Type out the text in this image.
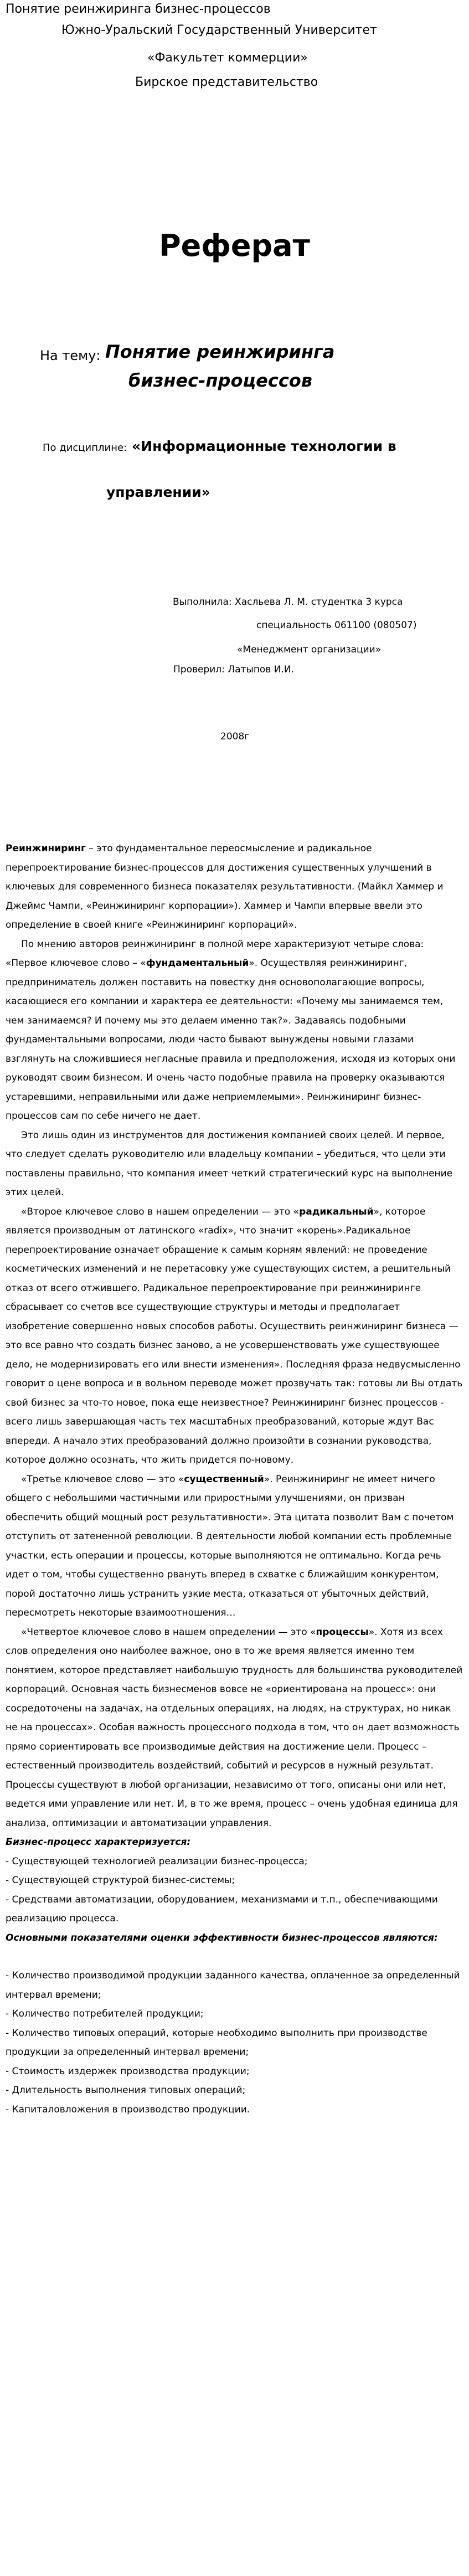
Понятие реинжиринга бизнес-процессов
Южно-Уральский Государственный Университет
«Факультет коммерции»
Бирское представительство
Реферат
На тему: Понятие реинжиринга
бизнес-процессов
По дисциплине: «Информационные технологии в
управлении»
Выполнила: Хасльева Л. М. студентка 3 курса
специальность 061100 (080507)
«Менеджмент организации»
Проверил: Латыпов И.И.
2008г

Реинжиниринг – это фундаментальное переосмысление и радикальное перепроектирование бизнес-процессов для достижения существенных улучшений в ключевых для современного бизнеса показателях результативности. (Майкл Хаммер и Джеймс Чампи, «Реинжиниринг корпорации»). Хаммер и Чампи впервые ввели это определение в своей книге «Реинжиниринг корпораций».

По мнению авторов реинжиниринг в полной мере характеризуют четыре слова: «Первое ключевое слово – «фундаментальный». Осуществляя реинжиниринг, предприниматель должен поставить на повестку дня основополагающие вопросы, касающиеся его компании и характера ее деятельности: «Почему мы занимаемся тем, чем занимаемся? И почему мы это делаем именно так?». Задаваясь подобными фундаментальными вопросами, люди часто бывают вынуждены новыми глазами взглянуть на сложившиеся негласные правила и предположения, исходя из которых они руководят своим бизнесом. И очень часто подобные правила на проверку оказываются устаревшими, неправильными или даже неприемлемыми». Реинжиниринг бизнес-процессов сам по себе ничего не дает.

Это лишь один из инструментов для достижения компанией своих целей. И первое, что следует сделать руководителю или владельцу компании – убедиться, что цели эти поставлены правильно, что компания имеет четкий стратегический курс на выполнение этих целей.

«Второе ключевое слово в нашем определении — это «радикальный», которое является производным от латинского «radix», что значит «корень».Радикальное перепроектирование означает обращение к самым корням явлений: не проведение косметических изменений и не перетасовку уже существующих систем, а решительный отказ от всего отжившего. Радикальное перепроектирование при реинжиниринге сбрасывает со счетов все существующие структуры и методы и предполагает изобретение совершенно новых способов работы. Осуществить реинжиниринг бизнеса — это все равно что создать бизнес заново, а не усовершенствовать уже существующее дело, не модернизировать его или внести изменения». Последняя фраза недвусмысленно говорит о цене вопроса и в вольном переводе может прозвучать так: готовы ли Вы отдать свой бизнес за что-то новое, пока еще неизвестное? Реинжиниринг бизнес процессов - всего лишь завершающая часть тех масштабных преобразований, которые ждут Вас впереди. А начало этих преобразований должно произойти в сознании руководства, которое должно осознать, что жить придется по-новому.

«Третье ключевое слово — это «существенный». Реинжиниринг не имеет ничего общего с небольшими частичными или приростными улучшениями, он призван обеспечить общий мощный рост результативности». Эта цитата позволит Вам с почетом отступить от затененной революции. В деятельности любой компании есть проблемные участки, есть операции и процессы, которые выполняются не оптимально. Когда речь идет о том, чтобы существенно рвануть вперед в схватке с ближайшим конкурентом, порой достаточно лишь устранить узкие места, отказаться от убыточных действий, пересмотреть некоторые взаимоотношения…

«Четвертое ключевое слово в нашем определении — это «процессы». Хотя из всех слов определения оно наиболее важное, оно в то же время является именно тем понятием, которое представляет наибольшую трудность для большинства руководителей корпораций. Основная часть бизнесменов вовсе не «ориентирована на процесс»: они сосредоточены на задачах, на отдельных операциях, на людях, на структурах, но никак не на процессах». Особая важность процессного подхода в том, что он дает возможность прямо сориентировать все производимые действия на достижение цели. Процесс – естественный производитель воздействий, событий и ресурсов в нужный результат. Процессы существуют в любой организации, независимо от того, описаны они или нет, ведется ими управление или нет. И, в то же время, процесс – очень удобная единица для анализа, оптимизации и автоматизации управления.

Бизнес-процесс характеризуется:

- Существующей технологией реализации бизнес-процесса;
- Существующей структурой бизнес-системы;
- Средствами автоматизации, оборудованием, механизмами и т.п., обеспечивающими реализацию процесса.

Основными показателями оценки эффективности бизнес-процессов являются:

- Количество производимой продукции заданного качества, оплаченное за определенный интервал времени;
- Количество потребителей продукции;
- Количество типовых операций, которые необходимо выполнить при производстве продукции за определенный интервал времени;
- Стоимость издержек производства продукции;
- Длительность выполнения типовых операций;
- Капиталовложения в производство продукции.
